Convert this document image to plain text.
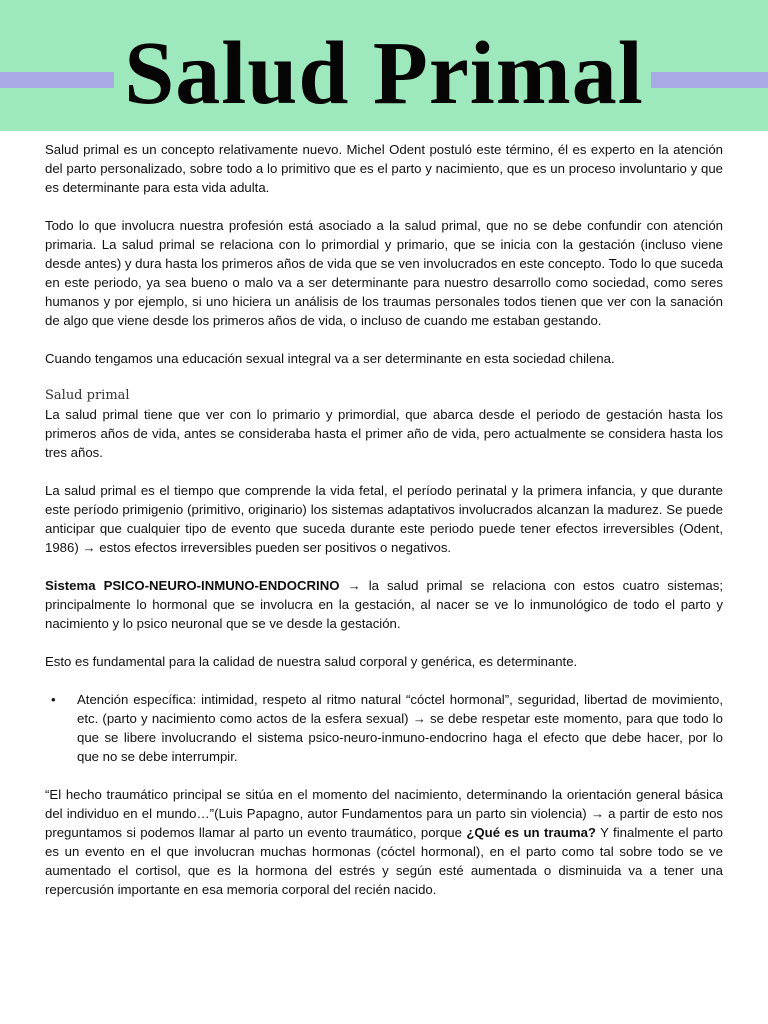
Salud Primal

Salud primal es un concepto relativamente nuevo. Michel Odent postuló este término, él es experto en la atención del parto personalizado, sobre todo a lo primitivo que es el parto y nacimiento, que es un proceso involuntario y que es determinante para esta vida adulta.

Todo lo que involucra nuestra profesión está asociado a la salud primal, que no se debe confundir con atención primaria. La salud primal se relaciona con lo primordial y primario, que se inicia con la gestación (incluso viene desde antes) y dura hasta los primeros años de vida que se ven involucrados en este concepto. Todo lo que suceda en este periodo, ya sea bueno o malo va a ser determinante para nuestro desarrollo como sociedad, como seres humanos y por ejemplo, si uno hiciera un análisis de los traumas personales todos tienen que ver con la sanación de algo que viene desde los primeros años de vida, o incluso de cuando me estaban gestando.

Cuando tengamos una educación sexual integral va a ser determinante en esta sociedad chilena.

Salud primal

La salud primal tiene que ver con lo primario y primordial, que abarca desde el periodo de gestación hasta los primeros años de vida, antes se consideraba hasta el primer año de vida, pero actualmente se considera hasta los tres años.

La salud primal es el tiempo que comprende la vida fetal, el período perinatal y la primera infancia, y que durante este período primigenio (primitivo, originario) los sistemas adaptativos involucrados alcanzan la madurez. Se puede anticipar que cualquier tipo de evento que suceda durante este periodo puede tener efectos irreversibles (Odent, 1986) → estos efectos irreversibles pueden ser positivos o negativos.

Sistema PSICO-NEURO-INMUNO-ENDOCRINO → la salud primal se relaciona con estos cuatro sistemas; principalmente lo hormonal que se involucra en la gestación, al nacer se ve lo inmunológico de todo el parto y nacimiento y lo psico neuronal que se ve desde la gestación.

Esto es fundamental para la calidad de nuestra salud corporal y genérica, es determinante.

• Atención específica: intimidad, respeto al ritmo natural “cóctel hormonal”, seguridad, libertad de movimiento, etc. (parto y nacimiento como actos de la esfera sexual) → se debe respetar este momento, para que todo lo que se libere involucrando el sistema psico-neuro-inmuno-endocrino haga el efecto que debe hacer, por lo que no se debe interrumpir.

“El hecho traumático principal se sitúa en el momento del nacimiento, determinando la orientación general básica del individuo en el mundo…”(Luis Papagno, autor Fundamentos para un parto sin violencia) → a partir de esto nos preguntamos si podemos llamar al parto un evento traumático, porque ¿Qué es un trauma? Y finalmente el parto es un evento en el que involucran muchas hormonas (cóctel hormonal), en el parto como tal sobre todo se ve aumentado el cortisol, que es la hormona del estrés y según esté aumentada o disminuida va a tener una repercusión importante en esa memoria corporal del recién nacido.
